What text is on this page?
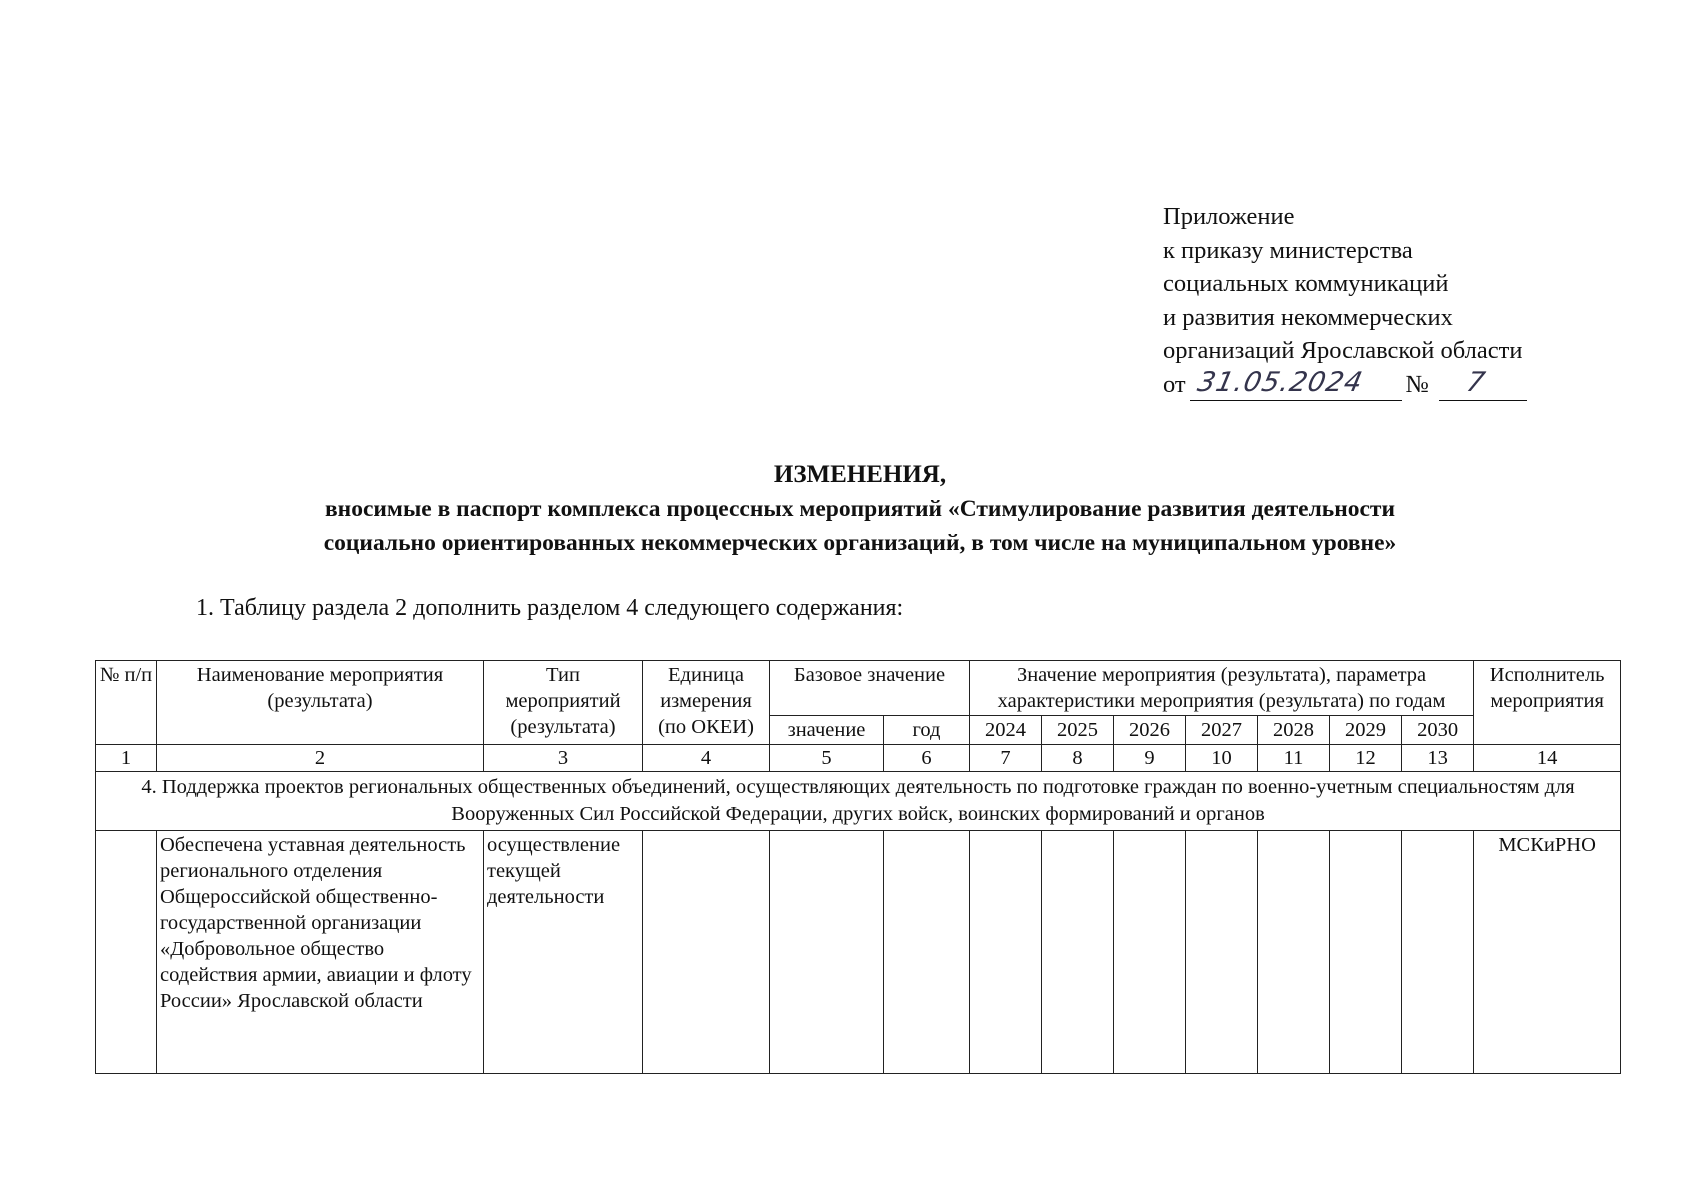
Приложение
к приказу министерства
социальных коммуникаций
и развития некоммерческих
организаций Ярославской области
от 31.05.2024 № 7
ИЗМЕНЕНИЯ,
вносимые в паспорт комплекса процессных мероприятий «Стимулирование развития деятельности
социально ориентированных некоммерческих организаций, в том числе на муниципальном уровне»
1. Таблицу раздела 2 дополнить разделом 4 следующего содержания:
№ п/п	Наименование мероприятия (результата)	Тип мероприятий (результата)	Единица измерения (по ОКЕИ)	Базовое значение		Значение мероприятия (результата), параметра характеристики мероприятия (результата) по годам							Исполнитель мероприятия
				значение	год	2024	2025	2026	2027	2028	2029	2030	
1	2	3	4	5	6	7	8	9	10	11	12	13	14
4. Поддержка проектов региональных общественных объединений, осуществляющих деятельность по подготовке граждан по военно-учетным специальностям для Вооруженных Сил Российской Федерации, других войск, воинских формирований и органов													
	Обеспечена уставная деятельность регионального отделения Общероссийской общественно-государственной организации «Добровольное общество содействия армии, авиации и флоту России» Ярославской области	осуществление текущей деятельности											МСКиРНО
